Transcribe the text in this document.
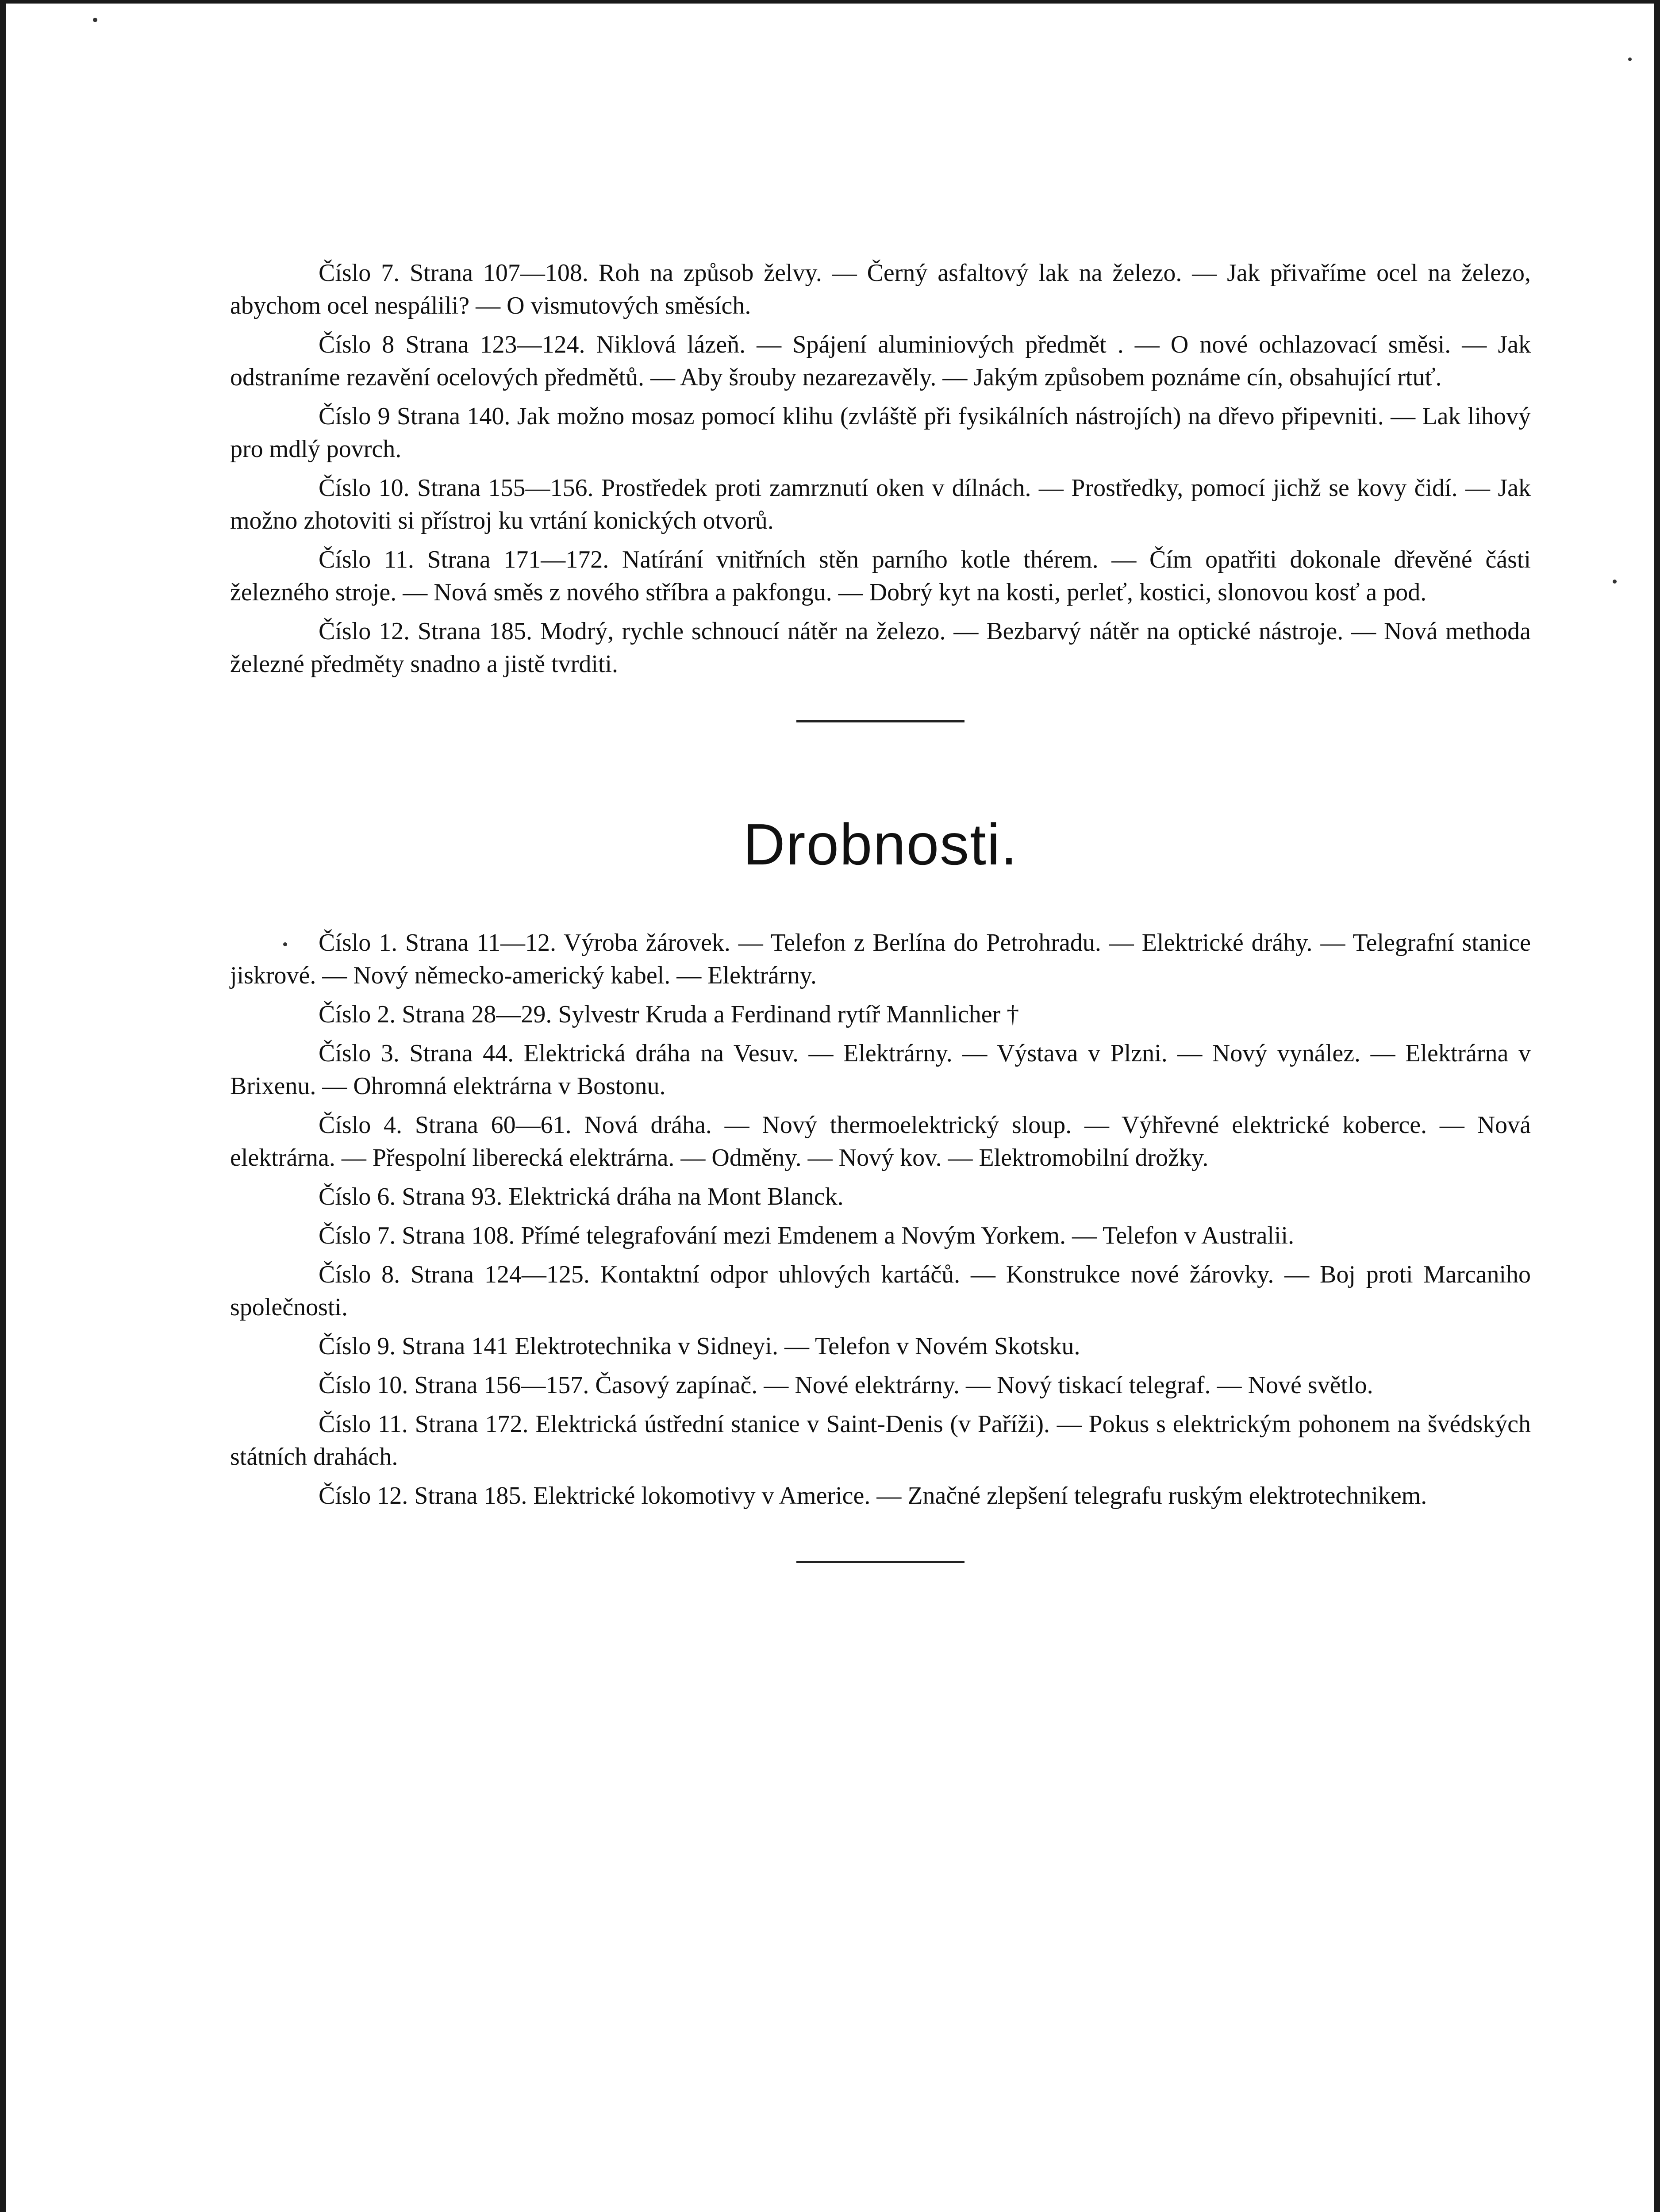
Číslo 7. Strana 107—108. Roh na způsob želvy. — Černý asfaltový lak na železo. — Jak přivaříme ocel na železo, abychom ocel nespálili? — O vismutových směsích.

Číslo 8 Strana 123—124. Niklová lázeň. — Spájení aluminiových předmět . — O nové ochlazovací směsi. — Jak odstraníme rezavění ocelových předmětů. — Aby šrouby nezarezavěly. — Jakým způsobem poznáme cín, obsahující rtuť.

Číslo 9 Strana 140. Jak možno mosaz pomocí klihu (zvláště při fysikálních nástrojích) na dřevo připevniti. — Lak lihový pro mdlý povrch.

Číslo 10. Strana 155—156. Prostředek proti zamrznutí oken v dílnách. — Prostředky, pomocí jichž se kovy čidí. — Jak možno zhotoviti si přístroj ku vrtání konických otvorů.

Číslo 11. Strana 171—172. Natírání vnitřních stěn parního kotle thérem. — Čím opatřiti dokonale dřevěné části železného stroje. — Nová směs z nového stříbra a pakfongu. — Dobrý kyt na kosti, perleť, kostici, slonovou kosť a pod.

Číslo 12. Strana 185. Modrý, rychle schnoucí nátěr na železo. — Bezbarvý nátěr na optické nástroje. — Nová methoda železné předměty snadno a jistě tvrditi.

Drobnosti.

Číslo 1. Strana 11—12. Výroba žárovek. — Telefon z Berlína do Petrohradu. — Elektrické dráhy. — Telegrafní stanice jiskrové. — Nový německo-americký kabel. — Elektrárny.

Číslo 2. Strana 28—29. Sylvestr Kruda a Ferdinand rytíř Mannlicher †

Číslo 3. Strana 44. Elektrická dráha na Vesuv. — Elektrárny. — Výstava v Plzni. — Nový vynález. — Elektrárna v Brixenu. — Ohromná elektrárna v Bostonu.

Číslo 4. Strana 60—61. Nová dráha. — Nový thermoelektrický sloup. — Výhřevné elektrické koberce. — Nová elektrárna. — Přespolní liberecká elektrárna. — Odměny. — Nový kov. — Elektromobilní drožky.

Číslo 6. Strana 93. Elektrická dráha na Mont Blanck.

Číslo 7. Strana 108. Přímé telegrafování mezi Emdenem a Novým Yorkem. — Telefon v Australii.

Číslo 8. Strana 124—125. Kontaktní odpor uhlových kartáčů. — Konstrukce nové žárovky. — Boj proti Marcaniho společnosti.

Číslo 9. Strana 141 Elektrotechnika v Sidneyi. — Telefon v Novém Skotsku.

Číslo 10. Strana 156—157. Časový zapínač. — Nové elektrárny. — Nový tiskací telegraf. — Nové světlo.

Číslo 11. Strana 172. Elektrická ústřední stanice v Saint-Denis (v Paříži). — Pokus s elektrickým pohonem na švédských státních drahách.

Číslo 12. Strana 185. Elektrické lokomotivy v Americe. — Značné zlepšení telegrafu ruským elektrotechnikem.
